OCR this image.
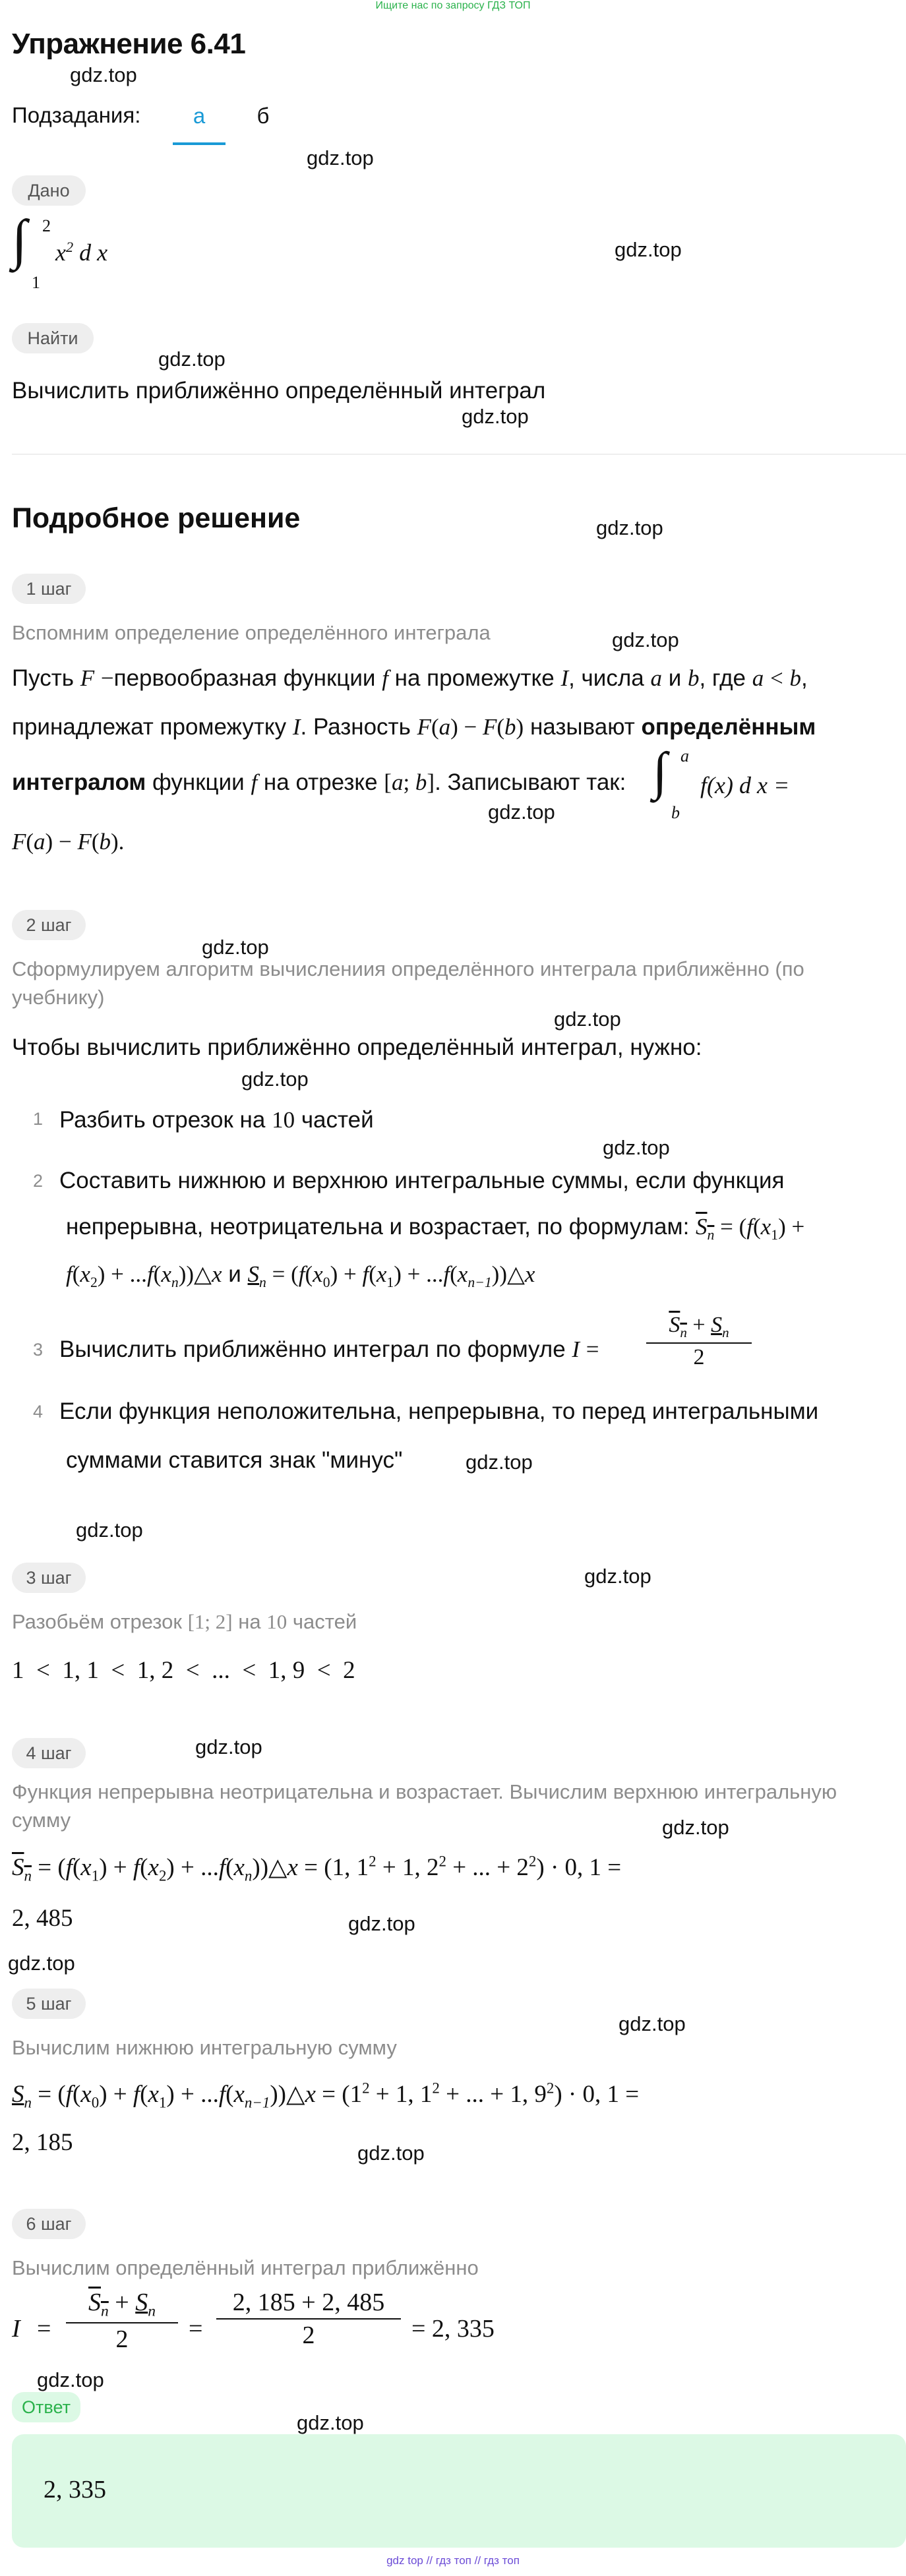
Ищите нас по запросу ГДЗ ТОП
Упражнение 6.41
gdz.top
gdz.top
gdz.top
gdz.top
gdz.top
gdz.top
gdz.top
gdz.top
gdz.top
gdz.top
gdz.top
gdz.top
gdz.top
gdz.top
gdz.top
gdz.top
gdz.top
gdz.top
gdz.top
gdz.top
gdz.top
gdz.top
gdz.top
Подзадания:	а	б
Дано
∫ 2
1
$x^2$ d x
Найти
Вычислить приближённо определённый интеграл
Подробное решение
1 шаг
Вспомним определение определённого интеграла
Пусть F −первообразная функции f на промежутке I, числа a и b, где a < b,
принадлежат промежутку I. Разность F(a) − F(b) называют определённым
интегралом функции f на отрезке [a; b]. Записывают так: ∫ a
b
f(x) d x =
F(a) − F(b).
2 шаг
Сформулируем алгоритм вычислениия определённого интеграла приближённо (по учебнику)
Чтобы вычислить приближённо определённый интеграл, нужно:
1 Разбить отрезок на 10 частей
2 Составить нижнюю и верхнюю интегральные суммы, если функция
непрерывна, неотрицательна и возрастает, по формулам: $S_n = (f(x_1)$ +
$f(x_2)$ + $...f(x_n))\triangle x$ и $S_n = (f(x_0) + f(x_1)$ + $...f(x_{n-1}))\triangle x$
3 Вычислить приближённо интеграл по формуле I =
$S_n + S_n$
2
4 Если функция неположительна, непрерывна, то перед интегральными
суммами ставится знак "минус"
3 шаг
Разобьём отрезок [1; 2] на 10 частей
1  <  1, 1  <  1, 2  <  ...  <  1, 9  <  2
4 шаг
Функция непрерывна неотрицательна и возрастает. Вычислим верхнюю интегральную сумму
$S_n = (f(x_1) + f(x_2)$ + $...f(x_n))\triangle x = (1$, $1^2 + 1$, $2^2$ + ... + $2^2) \cdot 0$, 1 =
2, 485
5 шаг
Вычислим нижнюю интегральную сумму
$S_n = (f(x_0) + f(x_1)$ + $...f(x_{n-1}))\triangle x = (1^2 + 1$, $1^2$ + ... + 1, $9^2) \cdot 0$, 1 =
2, 185
6 шаг
Вычислим определённый интеграл приближённо
I =
$S_n + S_n$
2	=
2, 185 + 2, 485
2	= 2, 335
Ответ
2, 335
gdz top // гдз топ // гдз топ
